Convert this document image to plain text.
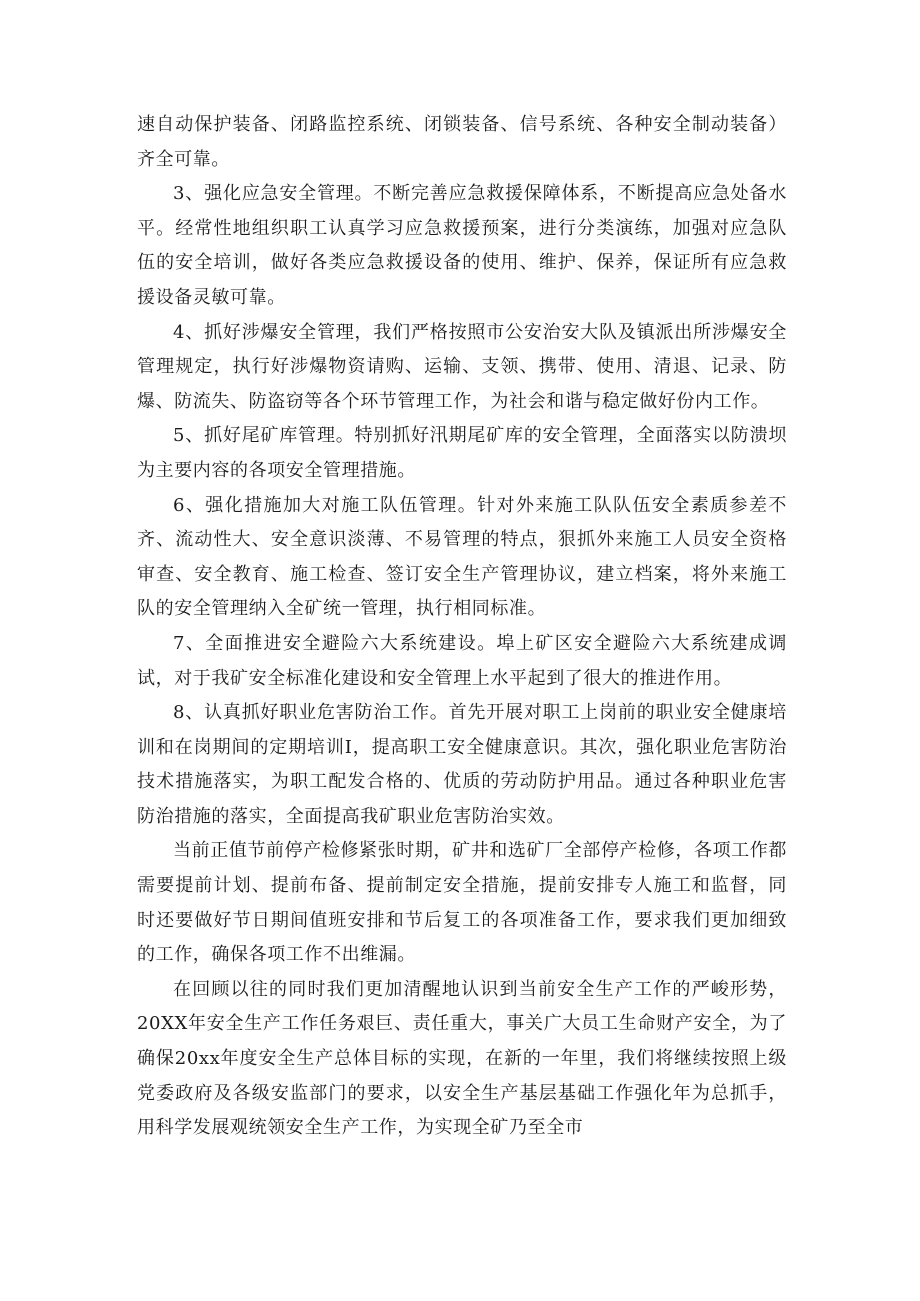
速自动保护装备、闭路监控系统、闭锁装备、信号系统、各种安全制动装备）齐全可靠。

3、强化应急安全管理。不断完善应急救援保障体系，不断提高应急处备水平。经常性地组织职工认真学习应急救援预案，进行分类演练，加强对应急队伍的安全培训，做好各类应急救援设备的使用、维护、保养，保证所有应急救援设备灵敏可靠。

4、抓好涉爆安全管理，我们严格按照市公安治安大队及镇派出所涉爆安全管理规定，执行好涉爆物资请购、运输、支领、携带、使用、清退、记录、防爆、防流失、防盗窃等各个环节管理工作，为社会和谐与稳定做好份内工作。

5、抓好尾矿库管理。特别抓好汛期尾矿库的安全管理，全面落实以防溃坝为主要内容的各项安全管理措施。

6、强化措施加大对施工队伍管理。针对外来施工队队伍安全素质参差不齐、流动性大、安全意识淡薄、不易管理的特点，狠抓外来施工人员安全资格审查、安全教育、施工检查、签订安全生产管理协议，建立档案，将外来施工队的安全管理纳入全矿统一管理，执行相同标准。

7、全面推进安全避险六大系统建设。埠上矿区安全避险六大系统建成调试，对于我矿安全标准化建设和安全管理上水平起到了很大的推进作用。

8、认真抓好职业危害防治工作。首先开展对职工上岗前的职业安全健康培训和在岗期间的定期培训I，提高职工安全健康意识。其次，强化职业危害防治技术措施落实，为职工配发合格的、优质的劳动防护用品。通过各种职业危害防治措施的落实，全面提高我矿职业危害防治实效。

当前正值节前停产检修紧张时期，矿井和选矿厂全部停产检修，各项工作都需要提前计划、提前布备、提前制定安全措施，提前安排专人施工和监督，同时还要做好节日期间值班安排和节后复工的各项准备工作，要求我们更加细致的工作，确保各项工作不出维漏。

在回顾以往的同时我们更加清醒地认识到当前安全生产工作的严峻形势，20XX年安全生产工作任务艰巨、责任重大，事关广大员工生命财产安全，为了确保20xx年度安全生产总体目标的实现，在新的一年里，我们将继续按照上级党委政府及各级安监部门的要求，以安全生产基层基础工作强化年为总抓手，用科学发展观统领安全生产工作，为实现全矿乃至全市
